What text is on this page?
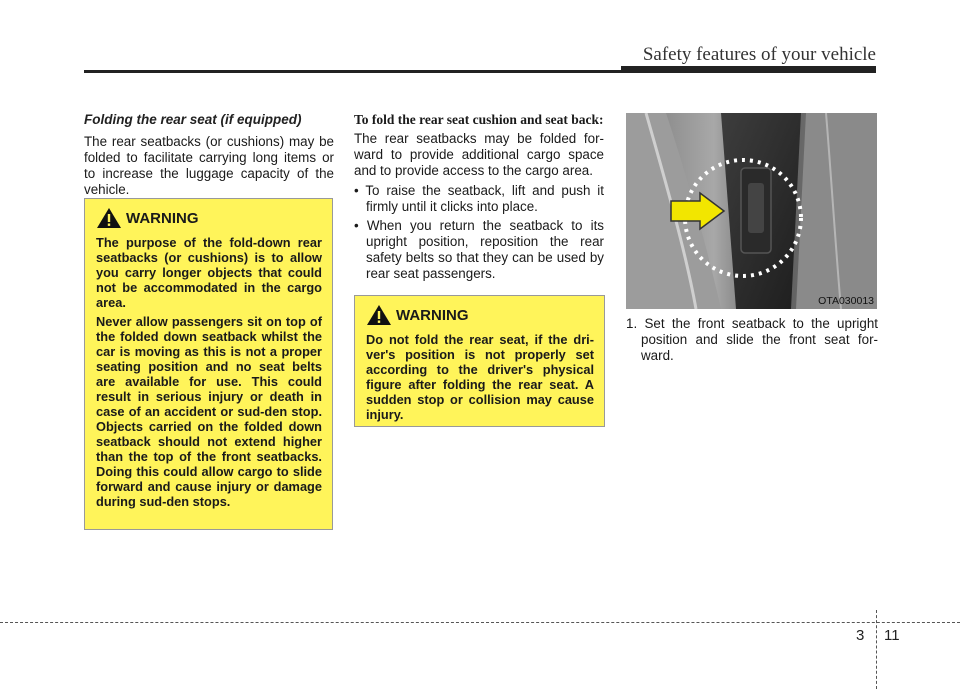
Safety features of your vehicle

Folding the rear seat (if equipped)

The rear seatbacks (or cushions) may be folded to facilitate carrying long items or to increase the luggage capacity of the vehicle.

WARNING

The purpose of the fold-down rear seatbacks (or cushions) is to allow you carry longer objects that could not be accommodated in the cargo area.

Never allow passengers sit on top of the folded down seatback whilst the car is moving as this is not a proper seating position and no seat belts are available for use. This could result in serious injury or death in case of an accident or sud-den stop. Objects carried on the folded down seatback should not extend higher than the top of the front seatbacks. Doing this could allow cargo to slide forward and cause injury or damage during sud-den stops.

To fold the rear seat cushion and seat back:

The rear seatbacks may be folded for-ward to provide additional cargo space and to provide access to the cargo area.

• To raise the seatback, lift and push it firmly until it clicks into place.
• When you return the seatback to its upright position, reposition the rear safety belts so that they can be used by rear seat passengers.
WARNING

Do not fold the rear seat, if the dri-ver's position is not properly set according to the driver's physical figure after folding the rear seat. A sudden stop or collision may cause injury.

OTA030013

1. Set the front seatback to the upright position and slide the front seat for-ward.

3 11
